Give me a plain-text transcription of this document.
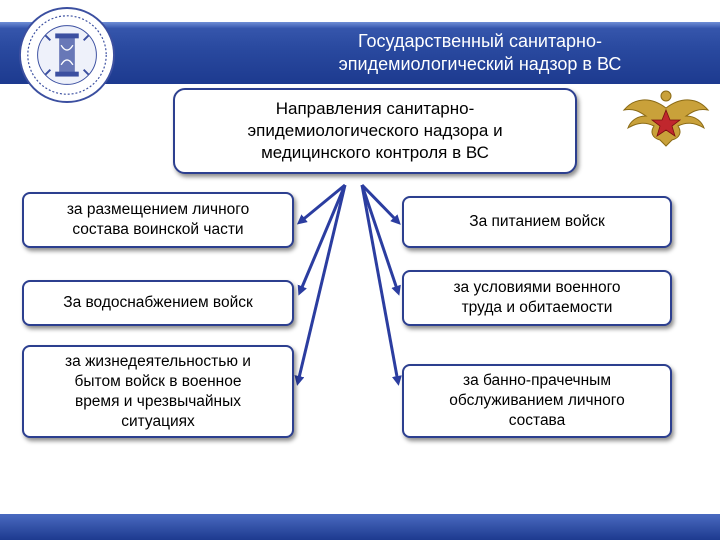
Государственный санитарно-
эпидемиологический надзор в ВС
Направления санитарно-
эпидемиологического надзора и
медицинского контроля в ВС
за размещением личного
состава воинской части
За водоснабжением войск
за жизнедеятельностью и
бытом войск в военное
время и чрезвычайных
ситуациях
За питанием войск
за условиями военного
труда и обитаемости
за банно-прачечным
обслуживанием личного
состава
